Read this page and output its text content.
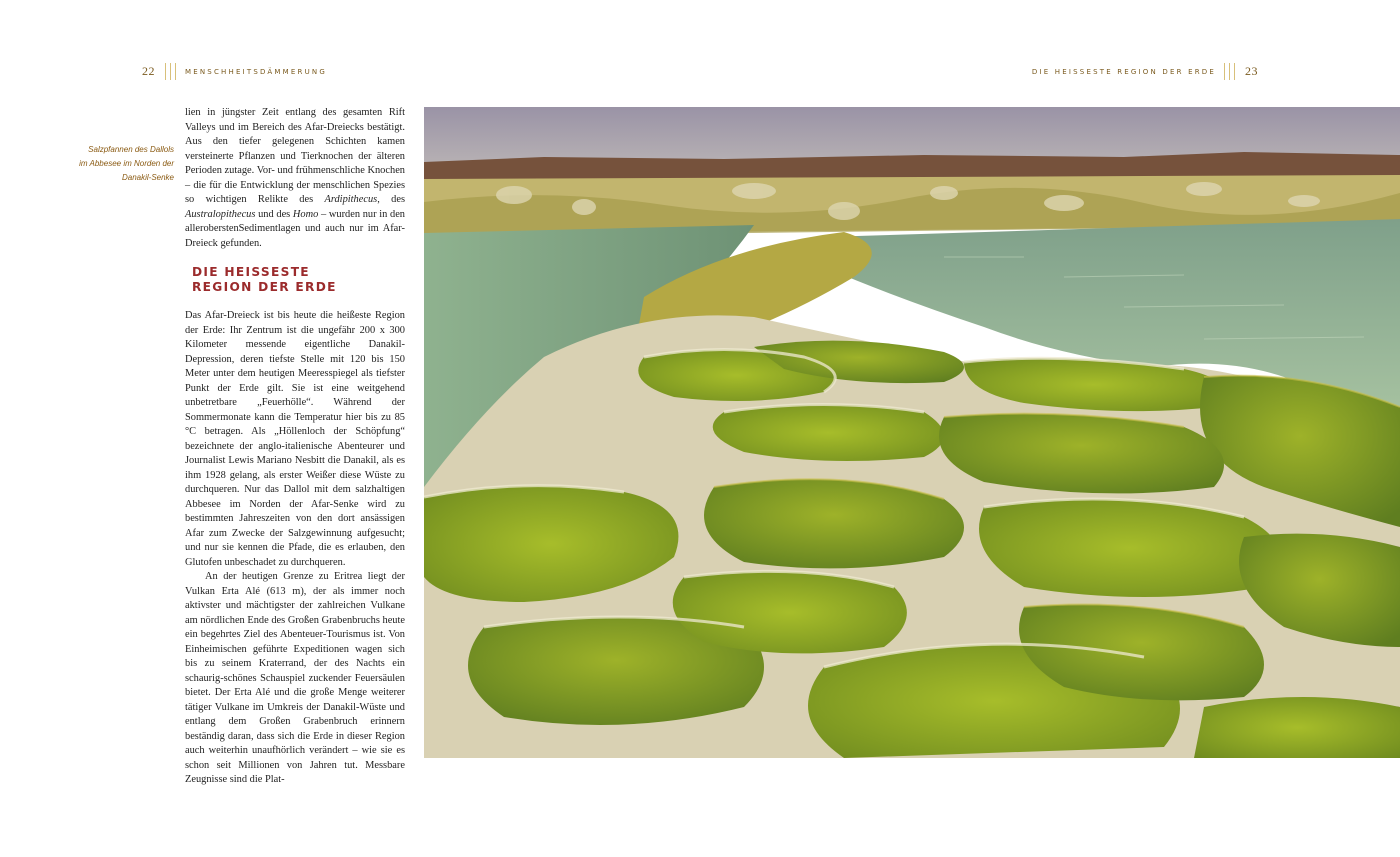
22	MENSCHHEITSDÄMMERUNG	DIE HEISSESTE REGION DER ERDE 23
Salzpfannen des Dallols
im Abbesee im Norden der
Danakil-Senke

lien in jüngster Zeit entlang des gesamten Rift Valleys und im Bereich des Afar-Dreiecks bestätigt. Aus den tiefer gelegenen Schichten kamen versteinerte Pflanzen und Tierknochen der älteren Perioden zutage. Vor- und frühmenschliche Knochen – die für die Entwicklung der menschlichen Spezies so wichtigen Relikte des Ardipithecus, des Australopithecus und des Homo – wurden nur in den alleroberstenSedimentlagen und auch nur im Afar-Dreieck gefunden.

DIE HEISSESTE
REGION DER ERDE

Das Afar-Dreieck ist bis heute die heißeste Region der Erde: Ihr Zentrum ist die ungefähr 200 x 300 Kilometer messende eigentliche Danakil-Depression, deren tiefste Stelle mit 120 bis 150 Meter unter dem heutigen Meeresspiegel als tiefster Punkt der Erde gilt. Sie ist eine weitgehend unbetretbare „Feuerhölle“. Während der Sommermonate kann die Temperatur hier bis zu 85 °C betragen. Als „Höllenloch der Schöpfung“ bezeichnete der anglo-italienische Abenteurer und Journalist Lewis Mariano Nesbitt die Danakil, als es ihm 1928 gelang, als erster Weißer diese Wüste zu durchqueren. Nur das Dallol mit dem salzhaltigen Abbesee im Norden der Afar-Senke wird zu bestimmten Jahreszeiten von den dort ansässigen Afar zum Zwecke der Salzgewinnung aufgesucht; und nur sie kennen die Pfade, die es erlauben, den Glutofen unbeschadet zu durchqueren.

An der heutigen Grenze zu Eritrea liegt der Vulkan Erta Alé (613 m), der als immer noch aktivster und mächtigster der zahlreichen Vulkane am nördlichen Ende des Großen Grabenbruchs heute ein begehrtes Ziel des Abenteuer-Tourismus ist. Von Einheimischen geführte Expeditionen wagen sich bis zu seinem Kraterrand, der des Nachts ein schaurig-schönes Schauspiel zuckender Feuersäulen bietet. Der Erta Alé und die große Menge weiterer tätiger Vulkane im Umkreis der Danakil-Wüste und entlang dem Großen Grabenbruch erinnern beständig daran, dass sich die Erde in dieser Region auch weiterhin unaufhörlich verändert – wie sie es schon seit Millionen von Jahren tut. Messbare Zeugnisse sind die Plat-
